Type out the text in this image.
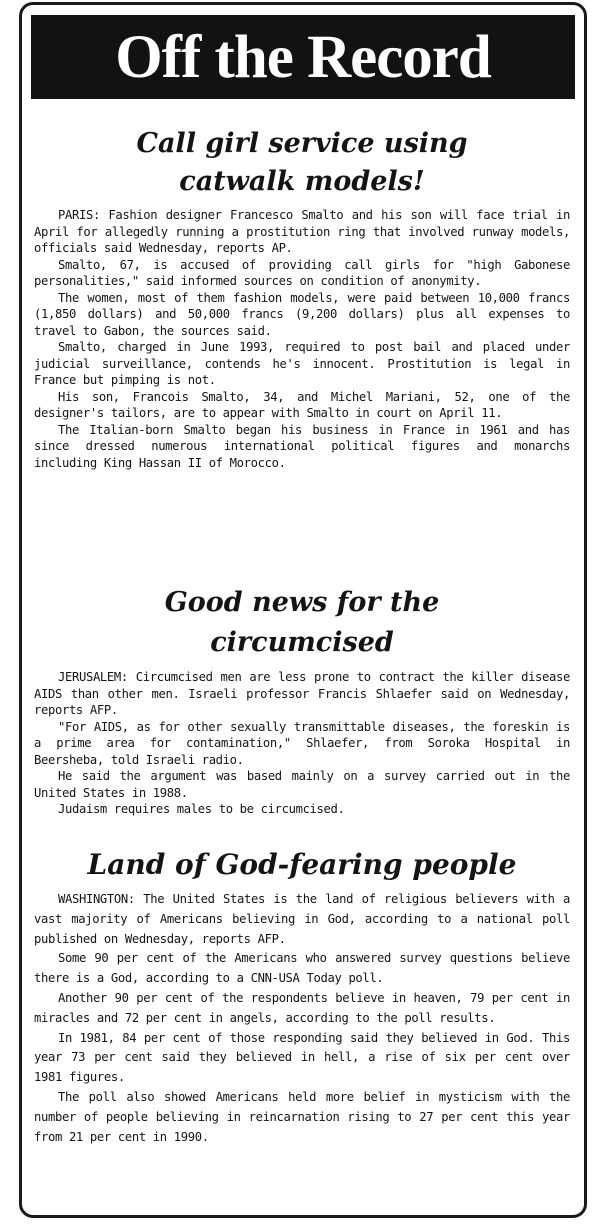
Off the Record
Call girl service using
catwalk models!

PARIS: Fashion designer Francesco Smalto and his son will face trial in April for allegedly running a prostitution ring that involved runway models, officials said Wednesday, reports AP.

Smalto, 67, is accused of providing call girls for "high Gabonese personalities," said informed sources on condition of anonymity.

The women, most of them fashion models, were paid between 10,000 francs (1,850 dollars) and 50,000 francs (9,200 dollars) plus all expenses to travel to Gabon, the sources said.

Smalto, charged in June 1993, required to post bail and placed under judicial surveillance, contends he's innocent. Prostitution is legal in France but pimping is not.

His son, Francois Smalto, 34, and Michel Mariani, 52, one of the designer's tailors, are to appear with Smalto in court on April 11.

The Italian-born Smalto began his business in France in 1961 and has since dressed numerous international political figures and monarchs including King Hassan II of Morocco.

Good news for the
circumcised

JERUSALEM: Circumcised men are less prone to contract the killer disease AIDS than other men. Israeli professor Francis Shlaefer said on Wednesday, reports AFP.

"For AIDS, as for other sexually transmittable diseases, the foreskin is a prime area for contamination," Shlaefer, from Soroka Hospital in Beersheba, told Israeli radio.

He said the argument was based mainly on a survey carried out in the United States in 1988.

Judaism requires males to be circumcised.

Land of God-fearing people

WASHINGTON: The United States is the land of religious believers with a vast majority of Americans believing in God, according to a national poll published on Wednesday, reports AFP.

Some 90 per cent of the Americans who answered survey questions believe there is a God, according to a CNN-USA Today poll.

Another 90 per cent of the respondents believe in heaven, 79 per cent in miracles and 72 per cent in angels, according to the poll results.

In 1981, 84 per cent of those responding said they believed in God. This year 73 per cent said they believed in hell, a rise of six per cent over 1981 figures.

The poll also showed Americans held more belief in mysticism with the number of people believing in reincarnation rising to 27 per cent this year from 21 per cent in 1990.
